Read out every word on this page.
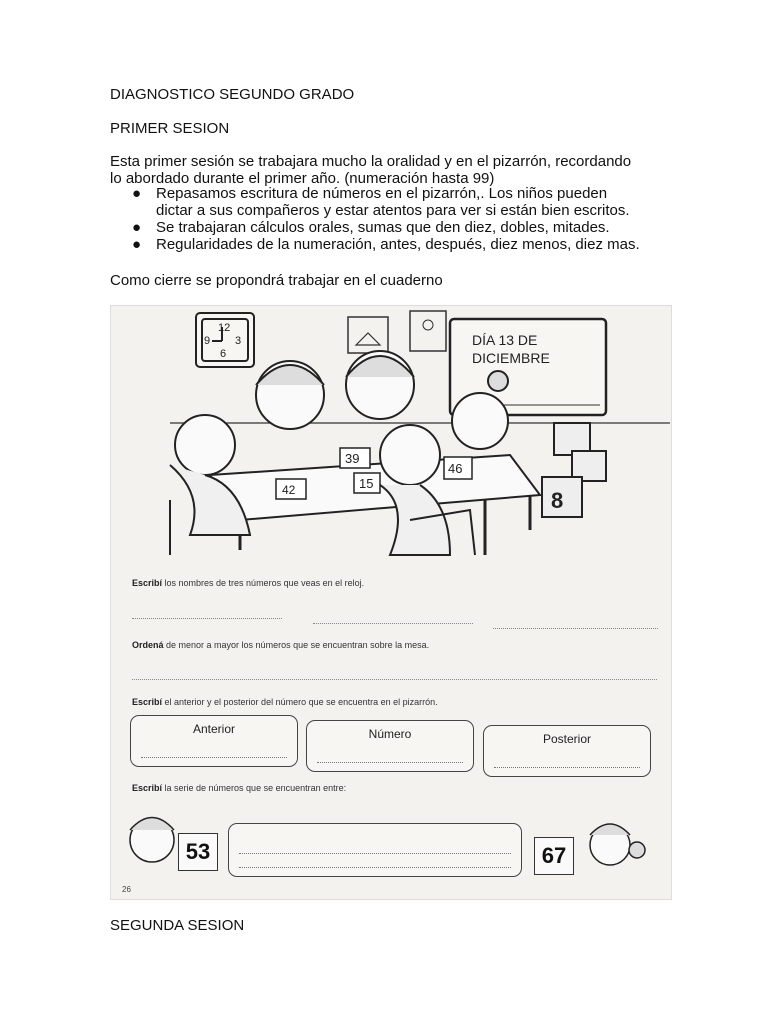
DIAGNOSTICO SEGUNDO GRADO
PRIMER SESION
Esta primer sesión se trabajara mucho la oralidad y en el pizarrón, recordando
lo abordado durante el primer año. (numeración hasta 99)
● Repasamos escritura de números en el pizarrón,. Los niños pueden
dictar a sus compañeros y estar atentos para ver si están bien escritos.
● Se trabajaran cálculos orales, sumas que den diez, dobles, mitades.
● Regularidades de la numeración, antes, después, diez menos, diez mas.
Como cierre se propondrá trabajar en el cuaderno
SEGUNDA SESION
12
3
6
9	DÍA 13 DE
DICIEMBRE
39
15
46
42	8
Escribí los nombres de tres números que veas en el reloj.
Ordená de menor a mayor los números que se encuentran sobre la mesa.
Escribí el anterior y el posterior del número que se encuentra en el pizarrón.
Anterior	Número	Posterior
Escribí la serie de números que se encuentran entre:
53	67
26
